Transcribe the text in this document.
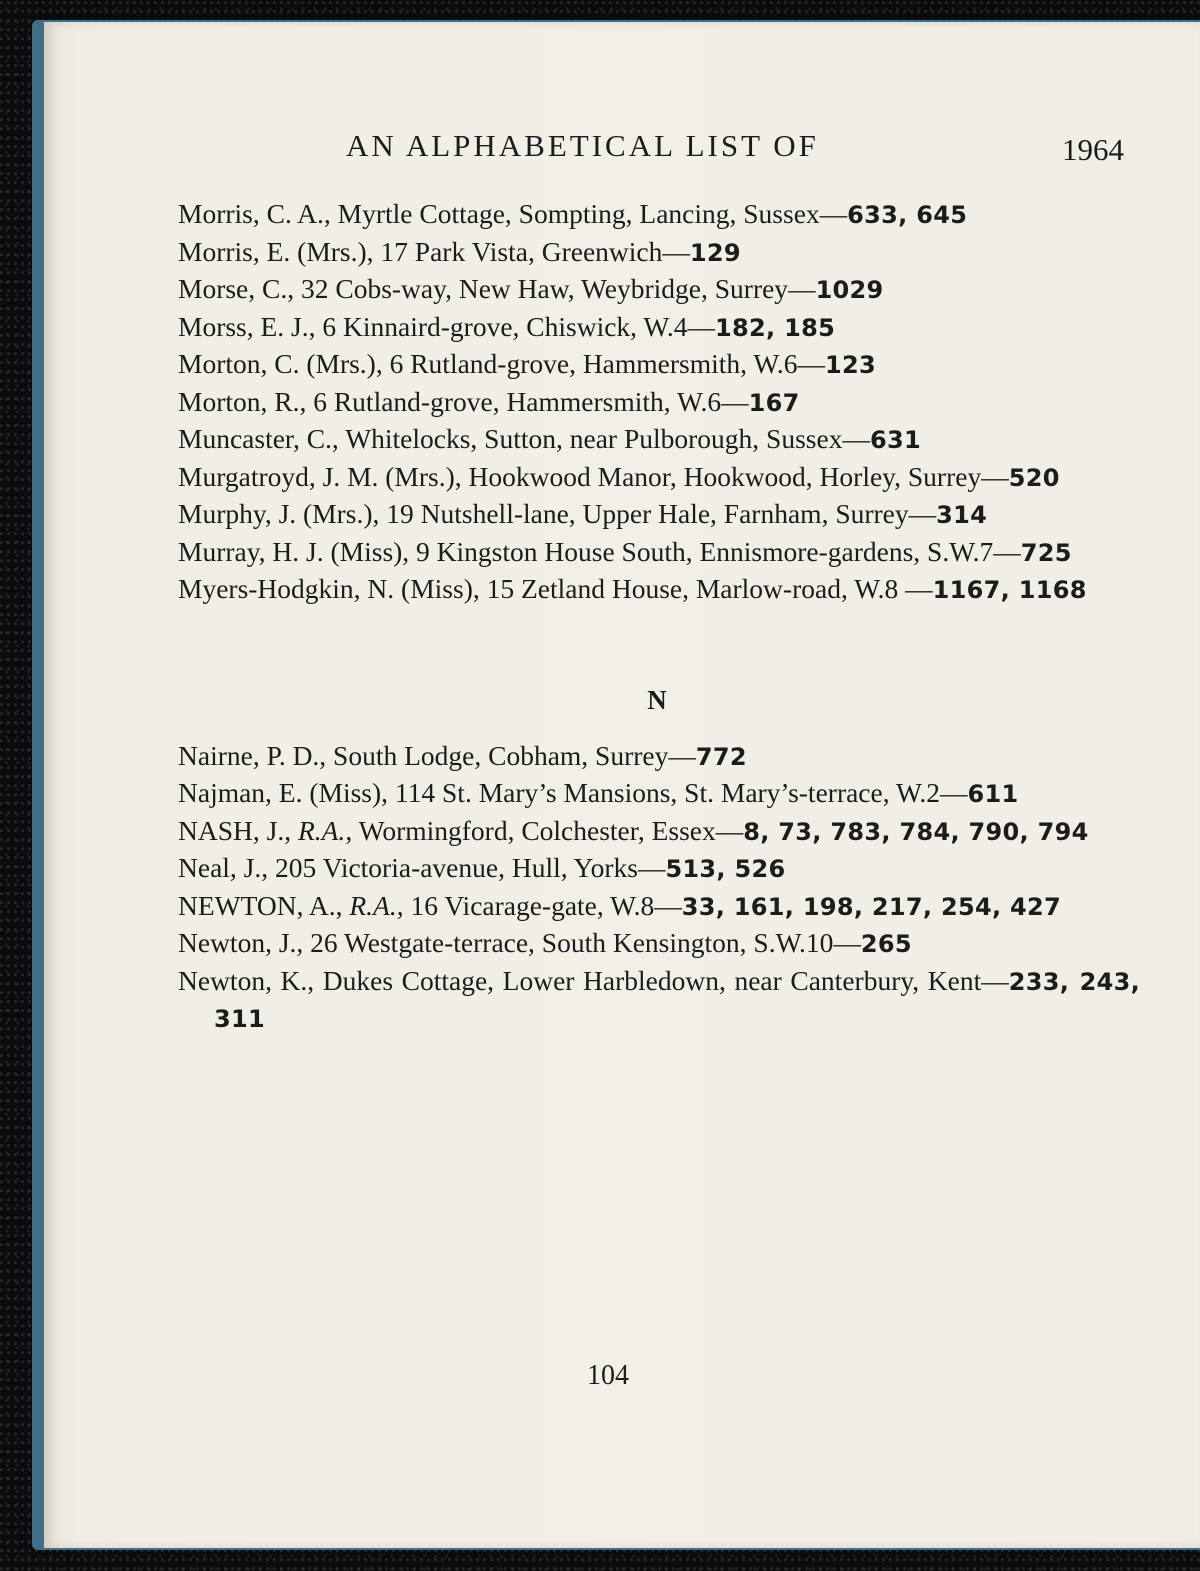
AN ALPHABETICAL LIST OF	1964

Morris, C. A., Myrtle Cottage, Sompting, Lancing, Sussex—633, 645

Morris, E. (Mrs.), 17 Park Vista, Greenwich—129

Morse, C., 32 Cobs-way, New Haw, Weybridge, Surrey—1029

Morss, E. J., 6 Kinnaird-grove, Chiswick, W.4—182, 185

Morton, C. (Mrs.), 6 Rutland-grove, Hammersmith, W.6—123

Morton, R., 6 Rutland-grove, Hammersmith, W.6—167

Muncaster, C., Whitelocks, Sutton, near Pulborough, Sussex—631

Murgatroyd, J. M. (Mrs.), Hookwood Manor, Hookwood, Horley, Surrey—520

Murphy, J. (Mrs.), 19 Nutshell-lane, Upper Hale, Farnham, Surrey—314

Murray, H. J. (Miss), 9 Kingston House South, Ennismore-gardens, S.W.7—725

Myers-Hodgkin, N. (Miss), 15 Zetland House, Marlow-road, W.8 —1167, 1168

N

Nairne, P. D., South Lodge, Cobham, Surrey—772

Najman, E. (Miss), 114 St. Mary’s Mansions, St. Mary’s-terrace, W.2—611

NASH, J., R.A., Wormingford, Colchester, Essex—8, 73, 783, 784, 790, 794

Neal, J., 205 Victoria-avenue, Hull, Yorks—513, 526

NEWTON, A., R.A., 16 Vicarage-gate, W.8—33, 161, 198, 217, 254, 427

Newton, J., 26 Westgate-terrace, South Kensington, S.W.10—265

Newton, K., Dukes Cottage, Lower Harbledown, near Canterbury, Kent—233, 243, 311

104
